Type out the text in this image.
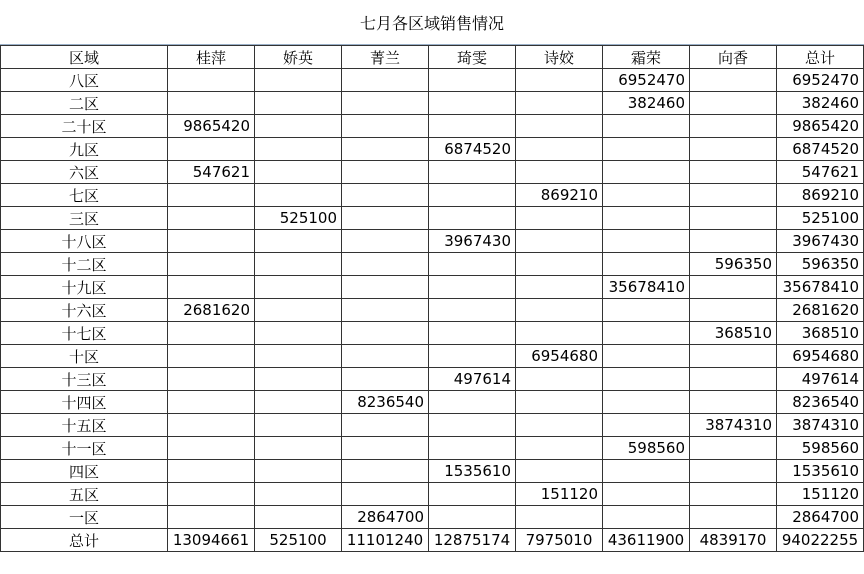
七月各区域销售情况
区域	桂萍	娇英	菁兰	琦雯	诗姣	霜荣	向香	总计
八区						6952470		6952470
二区						382460		382460
二十区	9865420							9865420
九区				6874520				6874520
六区	547621							547621
七区					869210			869210
三区		525100						525100
十八区				3967430				3967430
十二区							596350	596350
十九区						35678410		35678410
十六区	2681620							2681620
十七区							368510	368510
十区					6954680			6954680
十三区				497614				497614
十四区			8236540					8236540
十五区							3874310	3874310
十一区						598560		598560
四区				1535610				1535610
五区					151120			151120
一区			2864700					2864700
总计	13094661	525100	11101240	12875174	7975010	43611900	4839170	94022255
